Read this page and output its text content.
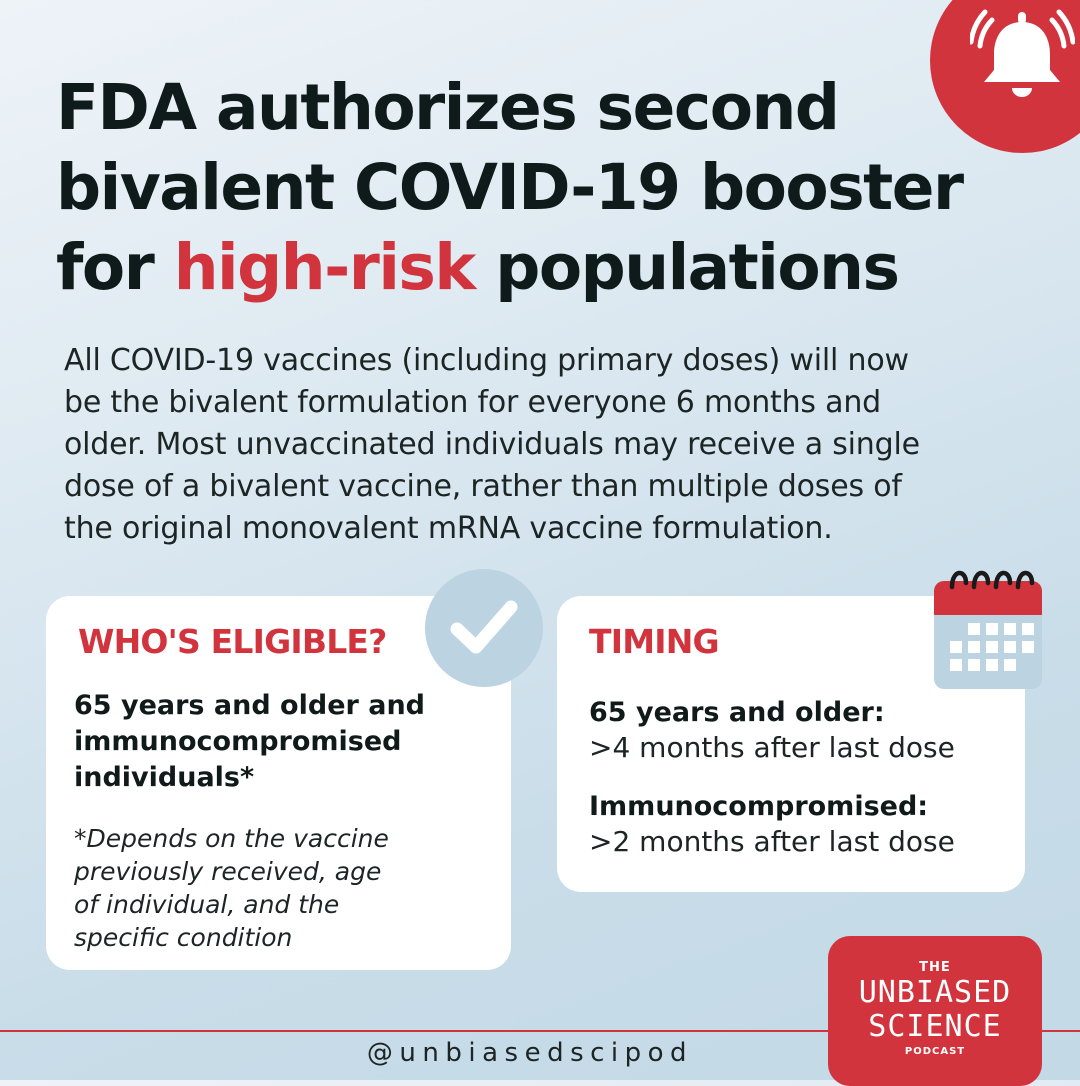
FDA authorizes second
bivalent COVID-19 booster
for high-risk populations

All COVID-19 vaccines (including primary doses) will now
be the bivalent formulation for everyone 6 months and
older. Most unvaccinated individuals may receive a single
dose of a bivalent vaccine, rather than multiple doses of
the original monovalent mRNA vaccine formulation.

WHO'S ELIGIBLE?

65 years and older and
immunocompromised
individuals*

*Depends on the vaccine
previously received, age
of individual, and the
specific condition

TIMING
65 years and older:
>4 months after last dose
Immunocompromised:
>2 months after last dose
@unbiasedscipod
THE
UNBIASED
SCIENCE
PODCAST
